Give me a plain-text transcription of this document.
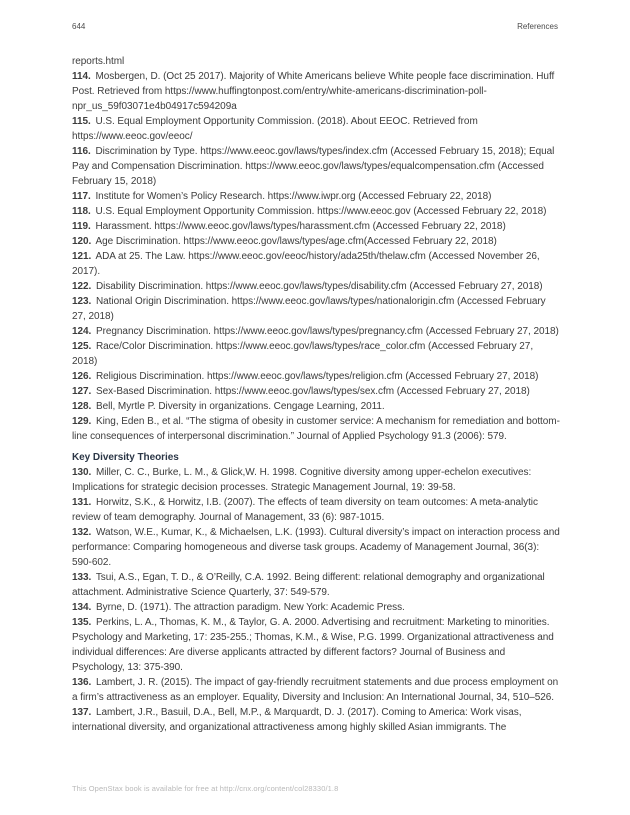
644	References

reports.html

114. Mosbergen, D. (Oct 25 2017). Majority of White Americans believe White people face discrimination. Huff Post. Retrieved from https://www.huffingtonpost.com/entry/white-americans-discrimination-poll-npr_us_59f03071e4b04917c594209a

115. U.S. Equal Employment Opportunity Commission. (2018). About EEOC. Retrieved from https://www.eeoc.gov/eeoc/

116. Discrimination by Type. https://www.eeoc.gov/laws/types/index.cfm (Accessed February 15, 2018); Equal Pay and Compensation Discrimination. https://www.eeoc.gov/laws/types/equalcompensation.cfm (Accessed February 15, 2018)

117. Institute for Women’s Policy Research. https://www.iwpr.org (Accessed February 22, 2018)

118. U.S. Equal Employment Opportunity Commission. https://www.eeoc.gov (Accessed February 22, 2018)

119. Harassment. https://www.eeoc.gov/laws/types/harassment.cfm (Accessed February 22, 2018)

120. Age Discrimination. https://www.eeoc.gov/laws/types/age.cfm(Accessed February 22, 2018)

121. ADA at 25. The Law. https://www.eeoc.gov/eeoc/history/ada25th/thelaw.cfm (Accessed November 26, 2017).

122. Disability Discrimination. https://www.eeoc.gov/laws/types/disability.cfm (Accessed February 27, 2018)

123. National Origin Discrimination. https://www.eeoc.gov/laws/types/nationalorigin.cfm (Accessed February 27, 2018)

124. Pregnancy Discrimination. https://www.eeoc.gov/laws/types/pregnancy.cfm (Accessed February 27, 2018)

125. Race/Color Discrimination. https://www.eeoc.gov/laws/types/race_color.cfm (Accessed February 27, 2018)

126. Religious Discrimination. https://www.eeoc.gov/laws/types/religion.cfm (Accessed February 27, 2018)

127. Sex-Based Discrimination. https://www.eeoc.gov/laws/types/sex.cfm (Accessed February 27, 2018)

128. Bell, Myrtle P. Diversity in organizations. Cengage Learning, 2011.

129. King, Eden B., et al. “The stigma of obesity in customer service: A mechanism for remediation and bottom-line consequences of interpersonal discrimination.” Journal of Applied Psychology 91.3 (2006): 579.

Key Diversity Theories

130. Miller, C. C., Burke, L. M., & Glick,W. H. 1998. Cognitive diversity among upper-echelon executives: Implications for strategic decision processes. Strategic Management Journal, 19: 39-58.

131. Horwitz, S.K., & Horwitz, I.B. (2007). The effects of team diversity on team outcomes: A meta-analytic review of team demography. Journal of Management, 33 (6): 987-1015.

132. Watson, W.E., Kumar, K., & Michaelsen, L.K. (1993). Cultural diversity’s impact on interaction process and performance: Comparing homogeneous and diverse task groups. Academy of Management Journal, 36(3): 590-602.

133. Tsui, A.S., Egan, T. D., & O’Reilly, C.A. 1992. Being different: relational demography and organizational attachment. Administrative Science Quarterly, 37: 549-579.

134. Byrne, D. (1971). The attraction paradigm. New York: Academic Press.

135. Perkins, L. A., Thomas, K. M., & Taylor, G. A. 2000. Advertising and recruitment: Marketing to minorities. Psychology and Marketing, 17: 235-255.; Thomas, K.M., & Wise, P.G. 1999. Organizational attractiveness and individual differences: Are diverse applicants attracted by different factors? Journal of Business and Psychology, 13: 375-390.

136. Lambert, J. R. (2015). The impact of gay-friendly recruitment statements and due process employment on a firm’s attractiveness as an employer. Equality, Diversity and Inclusion: An International Journal, 34, 510–526.

137. Lambert, J.R., Basuil, D.A., Bell, M.P., & Marquardt, D. J. (2017). Coming to America: Work visas, international diversity, and organizational attractiveness among highly skilled Asian immigrants. The

This OpenStax book is available for free at http://cnx.org/content/col28330/1.8
